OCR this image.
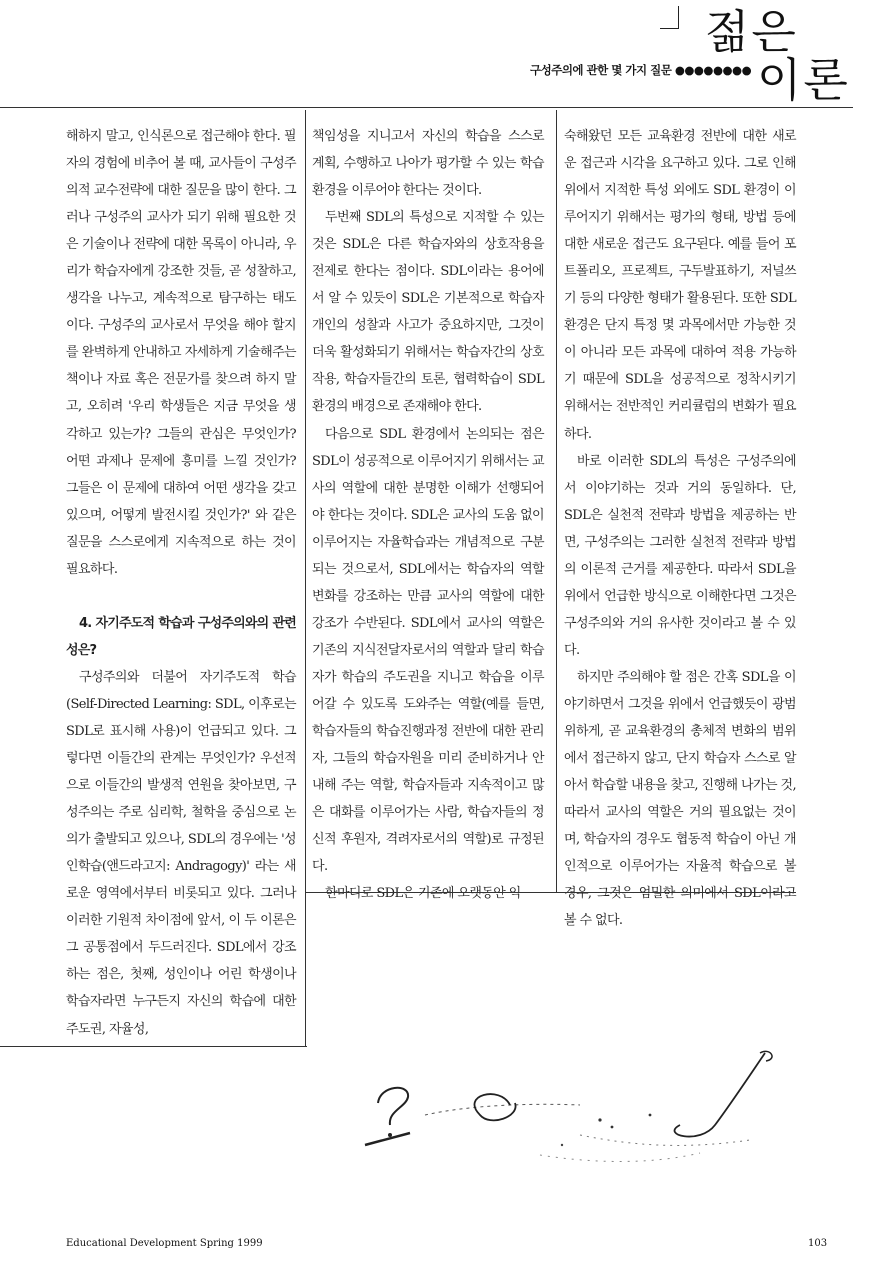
구성주의에 관한 몇 가지 질문 ●●●●●●●●
젊은
이론

해하지 말고, 인식론으로 접근해야 한다. 필자의 경험에 비추어 볼 때, 교사들이 구성주의적 교수전략에 대한 질문을 많이 한다. 그러나 구성주의 교사가 되기 위해 필요한 것은 기술이나 전략에 대한 목록이 아니라, 우리가 학습자에게 강조한 것들, 곧 성찰하고, 생각을 나누고, 계속적으로 탐구하는 태도이다. 구성주의 교사로서 무엇을 해야 할지를 완벽하게 안내하고 자세하게 기술해주는 책이나 자료 혹은 전문가를 찾으려 하지 말고, 오히려 '우리 학생들은 지금 무엇을 생각하고 있는가? 그들의 관심은 무엇인가? 어떤 과제나 문제에 흥미를 느낄 것인가? 그들은 이 문제에 대하여 어떤 생각을 갖고 있으며, 어떻게 발전시킬 것인가?' 와 같은 질문을 스스로에게 지속적으로 하는 것이 필요하다.

4. 자기주도적 학습과 구성주의와의 관련성은?

구성주의와 더불어 자기주도적 학습(Self-Directed Learning: SDL, 이후로는 SDL로 표시해 사용)이 언급되고 있다. 그렇다면 이들간의 관계는 무엇인가? 우선적으로 이들간의 발생적 연원을 찾아보면, 구성주의는 주로 심리학, 철학을 중심으로 논의가 출발되고 있으나, SDL의 경우에는 '성인학습(앤드라고지: Andragogy)' 라는 새로운 영역에서부터 비롯되고 있다. 그러나 이러한 기원적 차이점에 앞서, 이 두 이론은 그 공통점에서 두드러진다. SDL에서 강조하는 점은, 첫째, 성인이나 어린 학생이나 학습자라면 누구든지 자신의 학습에 대한 주도권, 자율성,

책임성을 지니고서 자신의 학습을 스스로 계획, 수행하고 나아가 평가할 수 있는 학습환경을 이루어야 한다는 것이다.

두번째 SDL의 특성으로 지적할 수 있는 것은 SDL은 다른 학습자와의 상호작용을 전제로 한다는 점이다. SDL이라는 용어에서 알 수 있듯이 SDL은 기본적으로 학습자 개인의 성찰과 사고가 중요하지만, 그것이 더욱 활성화되기 위해서는 학습자간의 상호작용, 학습자들간의 토론, 협력학습이 SDL 환경의 배경으로 존재해야 한다.

다음으로 SDL 환경에서 논의되는 점은 SDL이 성공적으로 이루어지기 위해서는 교사의 역할에 대한 분명한 이해가 선행되어야 한다는 것이다. SDL은 교사의 도움 없이 이루어지는 자율학습과는 개념적으로 구분되는 것으로서, SDL에서는 학습자의 역할변화를 강조하는 만큼 교사의 역할에 대한 강조가 수반된다. SDL에서 교사의 역할은 기존의 지식전달자로서의 역할과 달리 학습자가 학습의 주도권을 지니고 학습을 이루어갈 수 있도록 도와주는 역할(예를 들면, 학습자들의 학습진행과정 전반에 대한 관리자, 그들의 학습자원을 미리 준비하거나 안내해 주는 역할, 학습자들과 지속적이고 많은 대화를 이루어가는 사람, 학습자들의 정신적 후원자, 격려자로서의 역할)로 규정된다.

한마디로 SDL은 기존에 오랫동안 익

숙해왔던 모든 교육환경 전반에 대한 새로운 접근과 시각을 요구하고 있다. 그로 인해 위에서 지적한 특성 외에도 SDL 환경이 이루어지기 위해서는 평가의 형태, 방법 등에 대한 새로운 접근도 요구된다. 예를 들어 포트폴리오, 프로젝트, 구두발표하기, 저널쓰기 등의 다양한 형태가 활용된다. 또한 SDL 환경은 단지 특정 몇 과목에서만 가능한 것이 아니라 모든 과목에 대하여 적용 가능하기 때문에 SDL을 성공적으로 정착시키기 위해서는 전반적인 커리큘럼의 변화가 필요하다.

바로 이러한 SDL의 특성은 구성주의에서 이야기하는 것과 거의 동일하다. 단, SDL은 실천적 전략과 방법을 제공하는 반면, 구성주의는 그러한 실천적 전략과 방법의 이론적 근거를 제공한다. 따라서 SDL을 위에서 언급한 방식으로 이해한다면 그것은 구성주의와 거의 유사한 것이라고 볼 수 있다.

하지만 주의해야 할 점은 간혹 SDL을 이야기하면서 그것을 위에서 언급했듯이 광범위하게, 곧 교육환경의 총체적 변화의 범위에서 접근하지 않고, 단지 학습자 스스로 알아서 학습할 내용을 찾고, 진행해 나가는 것, 따라서 교사의 역할은 거의 필요없는 것이며, 학습자의 경우도 협동적 학습이 아닌 개인적으로 이루어가는 자율적 학습으로 볼 경우, 그것은 엄밀한 의미에서 SDL이라고 볼 수 없다.

Educational Development Spring 1999	103
